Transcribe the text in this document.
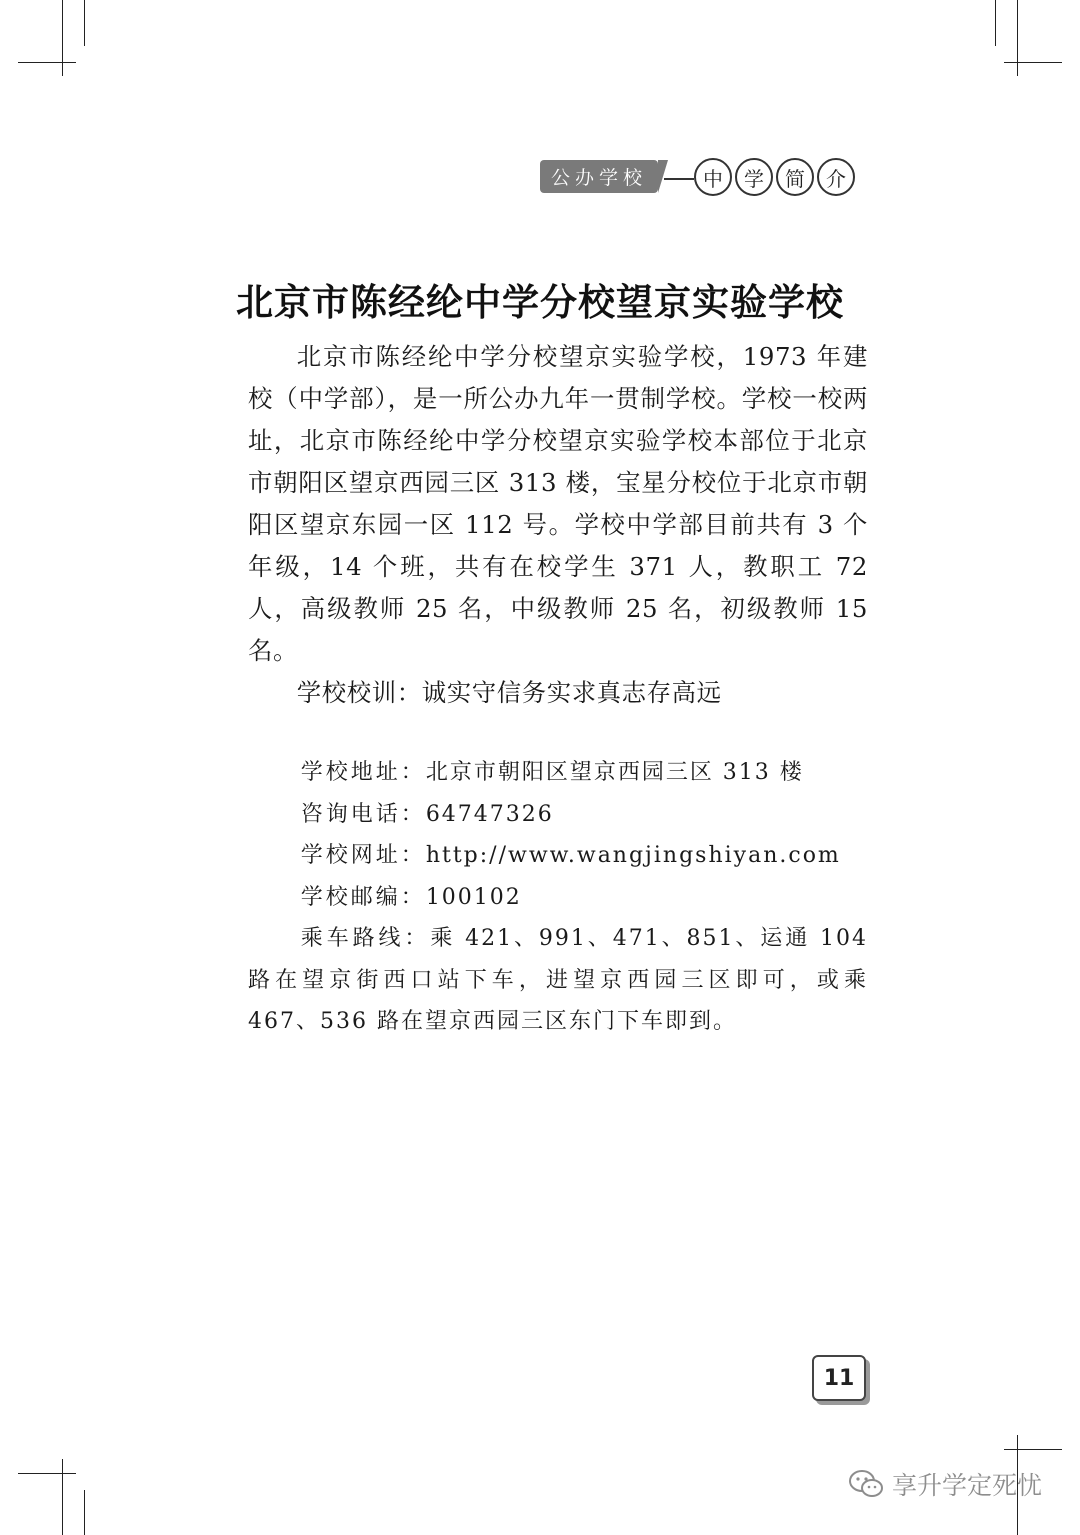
公办学校	中	学	简	介
北京市陈经纶中学分校望京实验学校

北京市陈经纶中学分校望京实验学校，1973 年建校（中学部），是一所公办九年一贯制学校。学校一校两址，北京市陈经纶中学分校望京实验学校本部位于北京市朝阳区望京西园三区 313 楼，宝星分校位于北京市朝阳区望京东园一区 112 号。学校中学部目前共有 3 个年级，14 个班，共有在校学生 371 人，教职工 72 人，高级教师 25 名，中级教师 25 名，初级教师 15 名。

学校校训：诚实守信务实求真志存高远

学校地址：北京市朝阳区望京西园三区 313 楼
咨询电话：64747326
学校网址：http://www.wangjingshiyan.com
学校邮编：100102
乘车路线：乘 421、991、471、851、运通 104 路在望京街西口站下车，进望京西园三区即可，或乘 467、536 路在望京西园三区东门下车即到。
11
享升学定死忧
